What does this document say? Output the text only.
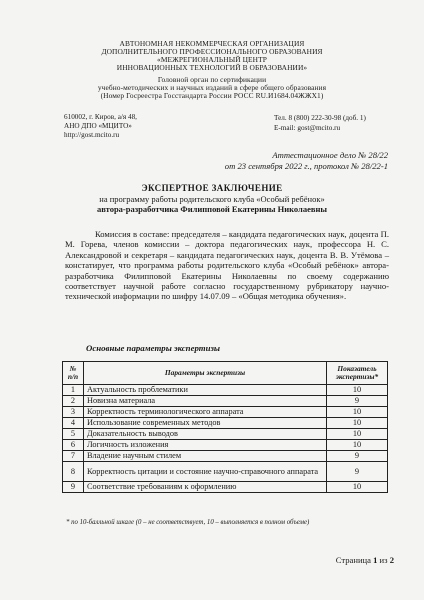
АВТОНОМНАЯ НЕКОММЕРЧЕСКАЯ ОРГАНИЗАЦИЯ
ДОПОЛНИТЕЛЬНОГО ПРОФЕССИОНАЛЬНОГО ОБРАЗОВАНИЯ
«МЕЖРЕГИОНАЛЬНЫЙ ЦЕНТР
ИННОВАЦИОННЫХ ТЕХНОЛОГИЙ В ОБРАЗОВАНИИ»
Головной орган по сертификации
учебно-методических и научных изданий в сфере общего образования
(Номер Госреестра Госстандарта России РОСС RU.И1684.04ЖЖХ1)
610002, г. Киров, а/я 48,
АНО ДПО «МЦИТО»
http://gost.mcito.ru
Тел. 8 (800) 222-30-98 (доб. 1)
E-mail: gost@mcito.ru
Аттестационное дело № 28/22
от 23 сентября 2022 г., протокол № 28/22-1
ЭКСПЕРТНОЕ ЗАКЛЮЧЕНИЕ
на программу работы родительского клуба «Особый ребёнок»
автора-разработчика Филипповой Екатерины Николаевны
Комиссия в составе: председателя – кандидата педагогических наук, доцента П. М. Горева, членов комиссии – доктора педагогических наук, профессора Н. С. Александровой и секретаря – кандидата педагогических наук, доцента В. В. Утёмова – констатирует, что программа работы родительского клуба «Особый ребёнок» автора-разработчика Филипповой Екатерины Николаевны по своему содержанию соответствует научной работе согласно государственному рубрикатору научно-технической информации по шифру 14.07.09 – «Общая методика обучения».
Основные параметры экспертизы
№ п/п	Параметры экспертизы	Показатель экспертизы*
1	Актуальность проблематики	10
2	Новизна материала	9
3	Корректность терминологического аппарата	10
4	Использование современных методов	10
5	Доказательность выводов	10
6	Логичность изложения	10
7	Владение научным стилем	9
8	Корректность цитации и состояние научно-справочного аппарата	9
9	Соответствие требованиям к оформлению	10
* по 10-балльной шкале (0 – не соответствует, 10 – выполняется в полном объеме)
Страница 1 из 2
